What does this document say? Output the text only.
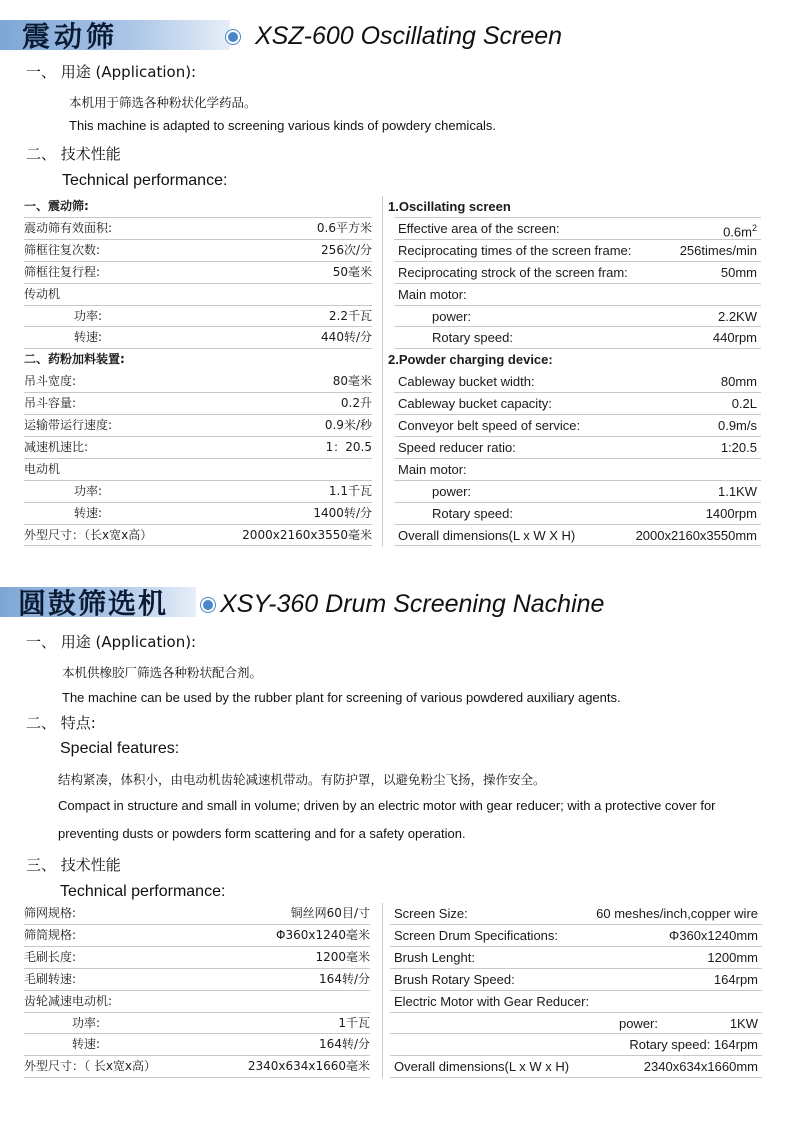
震动筛	XSZ-600 Oscillating Screen
一、 用途 (Application):
本机用于筛选各种粉状化学药品。
This machine is adapted to screening various kinds of powdery chemicals.
二、 技术性能
Technical performance:
一、震动筛:	1.Oscillating screen
震动筛有效面积:	0.6平方米 Effective area of the screen:	$0.6m^2$
筛框往复次数:	256次/分 Reciprocating times of the screen frame:	256times/min
筛框往复行程:	50毫米 Reciprocating strock of the screen fram:	50mm
传动机	Main motor:
功率:	2.2千瓦	power:	2.2KW
转速:	440转/分	Rotary speed:	440rpm
二、药粉加料装置:	2.Powder charging device:
吊斗宽度:	80毫米 Cableway bucket width:	80mm
吊斗容量:	0.2升 Cableway bucket capacity:	0.2L
运输带运行速度:	0.9米/秒 Conveyor belt speed of service:	0.9m/s
减速机速比:	1：20.5 Speed reducer ratio:	1:20.5
电动机	Main motor:
功率:	1.1千瓦	power:	1.1KW
转速:	1400转/分	Rotary speed:	1400rpm
外型尺寸：（长x宽x高）	2000x2160x3550毫米 Overall dimensions(L x W X H)	2000x2160x3550mm
圆鼓筛选机 XSY-360 Drum Screening Nachine
一、 用途 (Application):
本机供橡胶厂筛选各种粉状配合剂。
The machine can be used by the rubber plant for screening of various powdered auxiliary agents.
二、 特点:
Special features:
结构紧凑，体积小，由电动机齿轮减速机带动。有防护罩，以避免粉尘飞扬，操作安全。
Compact in structure and small in volume; driven by an electric motor with gear reducer; with a protective cover for
preventing dusts or powders form scattering and for a safety operation.
三、 技术性能
Technical performance:
筛网规格:	铜丝网60目/寸 Screen Size:	60 meshes/inch,copper wire
筛筒规格:	Φ360x1240毫米 Screen Drum Specifications:	Φ360x1240mm
毛刷长度:	1200毫米 Brush Lenght:	1200mm
毛刷转速:	164转/分 Brush Rotary Speed:	164rpm
齿轮减速电动机:	Electric Motor with Gear Reducer:
功率:	1千瓦	power:	1KW
转速:	164转/分	Rotary speed: 164rpm
外型尺寸：（ 长x宽x高）	2340x634x1660毫米 Overall dimensions(L x W x H)	2340x634x1660mm
